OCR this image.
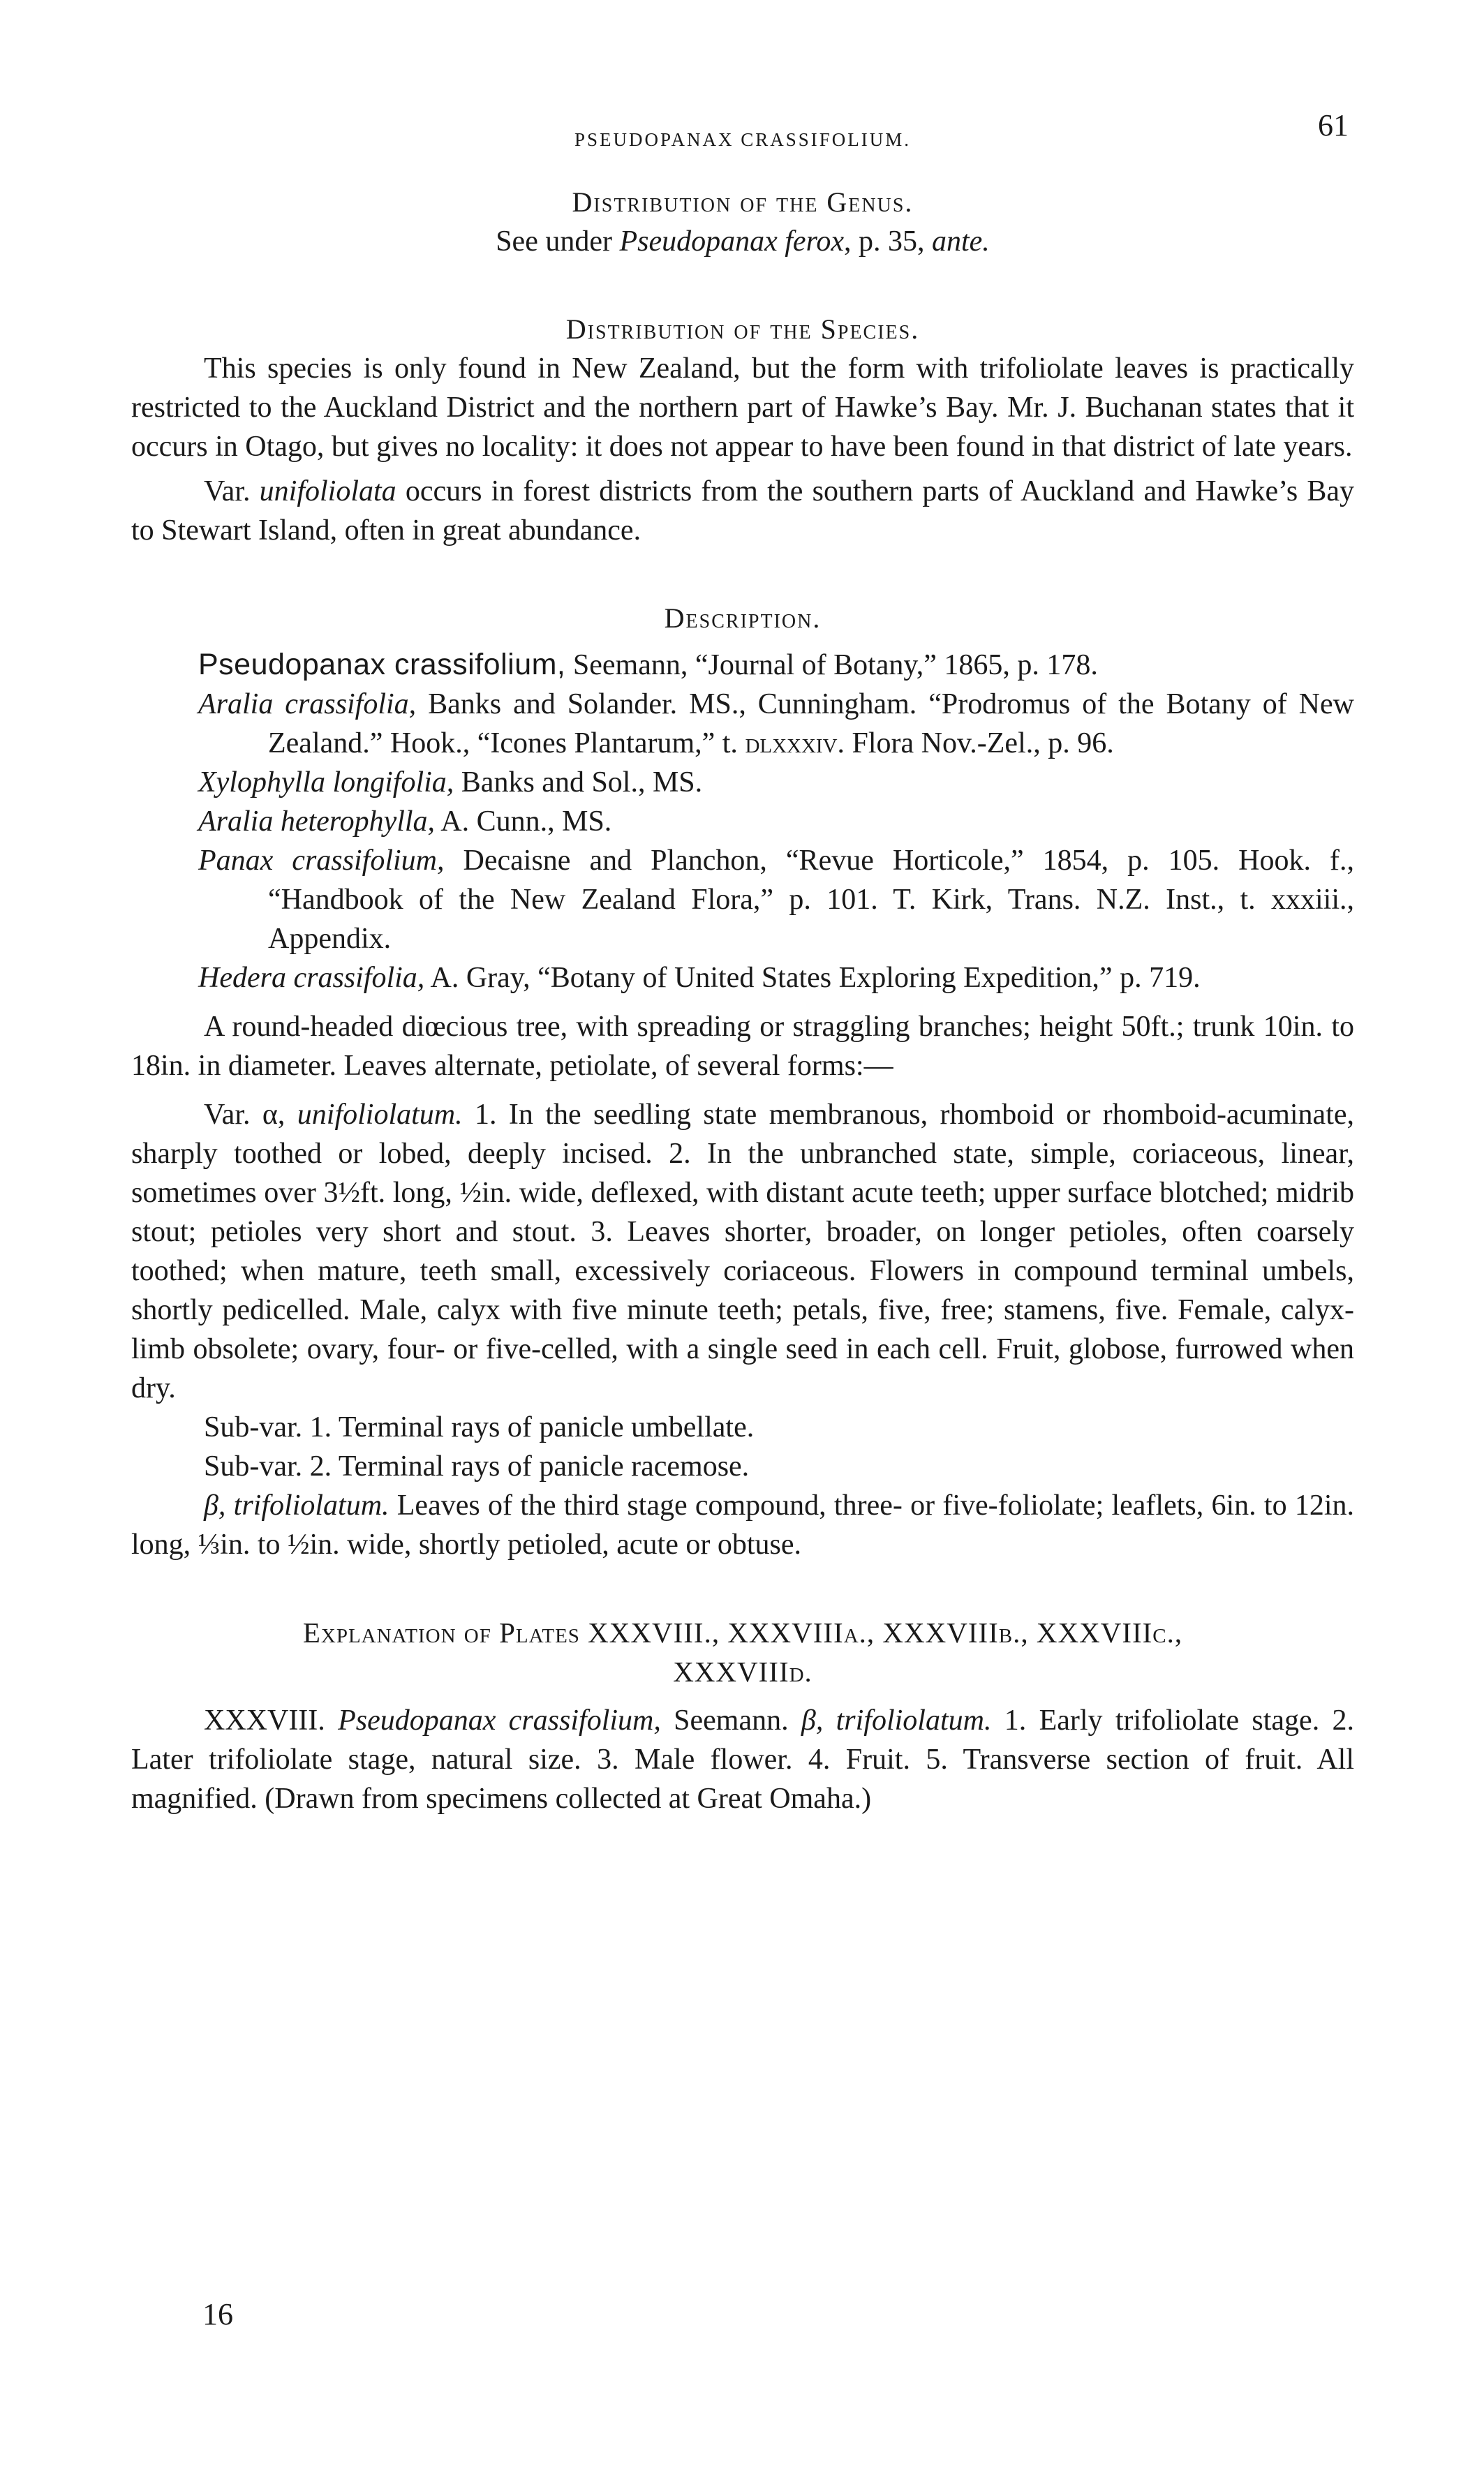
PSEUDOPANAX CRASSIFOLIUM.	61
Distribution of the Genus.
See under Pseudopanax ferox, p. 35, ante.
Distribution of the Species.

This species is only found in New Zealand, but the form with trifoliolate leaves is practically restricted to the Auckland District and the northern part of Hawke’s Bay. Mr. J. Buchanan states that it occurs in Otago, but gives no locality: it does not appear to have been found in that district of late years.

Var. unifoliolata occurs in forest districts from the southern parts of Auckland and Hawke’s Bay to Stewart Island, often in great abundance.

Description.

Pseudopanax crassifolium, Seemann, “Journal of Botany,” 1865, p. 178.

Aralia crassifolia, Banks and Solander. MS., Cunningham. “Prodromus of the Botany of New Zealand.” Hook., “Icones Plantarum,” t. dlxxxiv. Flora Nov.-Zel., p. 96.

Xylophylla longifolia, Banks and Sol., MS.

Aralia heterophylla, A. Cunn., MS.

Panax crassifolium, Decaisne and Planchon, “Revue Horticole,” 1854, p. 105. Hook. f., “Handbook of the New Zealand Flora,” p. 101. T. Kirk, Trans. N.Z. Inst., t. xxxiii., Appendix.

Hedera crassifolia, A. Gray, “Botany of United States Exploring Expedition,” p. 719.

A round-headed diœcious tree, with spreading or straggling branches; height 50ft.; trunk 10in. to 18in. in diameter. Leaves alternate, petiolate, of several forms:—

Var. α, unifoliolatum. 1. In the seedling state membranous, rhomboid or rhomboid-acuminate, sharply toothed or lobed, deeply incised. 2. In the unbranched state, simple, coriaceous, linear, sometimes over 3½ft. long, ½in. wide, deflexed, with distant acute teeth; upper surface blotched; midrib stout; petioles very short and stout. 3. Leaves shorter, broader, on longer petioles, often coarsely toothed; when mature, teeth small, excessively coriaceous. Flowers in compound terminal umbels, shortly pedicelled. Male, calyx with five minute teeth; petals, five, free; stamens, five. Female, calyx-limb obsolete; ovary, four- or five-celled, with a single seed in each cell. Fruit, globose, furrowed when dry.

Sub-var. 1. Terminal rays of panicle umbellate.

Sub-var. 2. Terminal rays of panicle racemose.

β, trifoliolatum. Leaves of the third stage compound, three- or five-foliolate; leaflets, 6in. to 12in. long, ⅓in. to ½in. wide, shortly petioled, acute or obtuse.

Explanation of Plates XXXVIII., XXXVIIIa., XXXVIIIb., XXXVIIIc.,
XXXVIIId.

XXXVIII. Pseudopanax crassifolium, Seemann. β, trifoliolatum. 1. Early trifoliolate stage. 2. Later trifoliolate stage, natural size. 3. Male flower. 4. Fruit. 5. Transverse section of fruit. All magnified. (Drawn from specimens collected at Great Omaha.)

16
